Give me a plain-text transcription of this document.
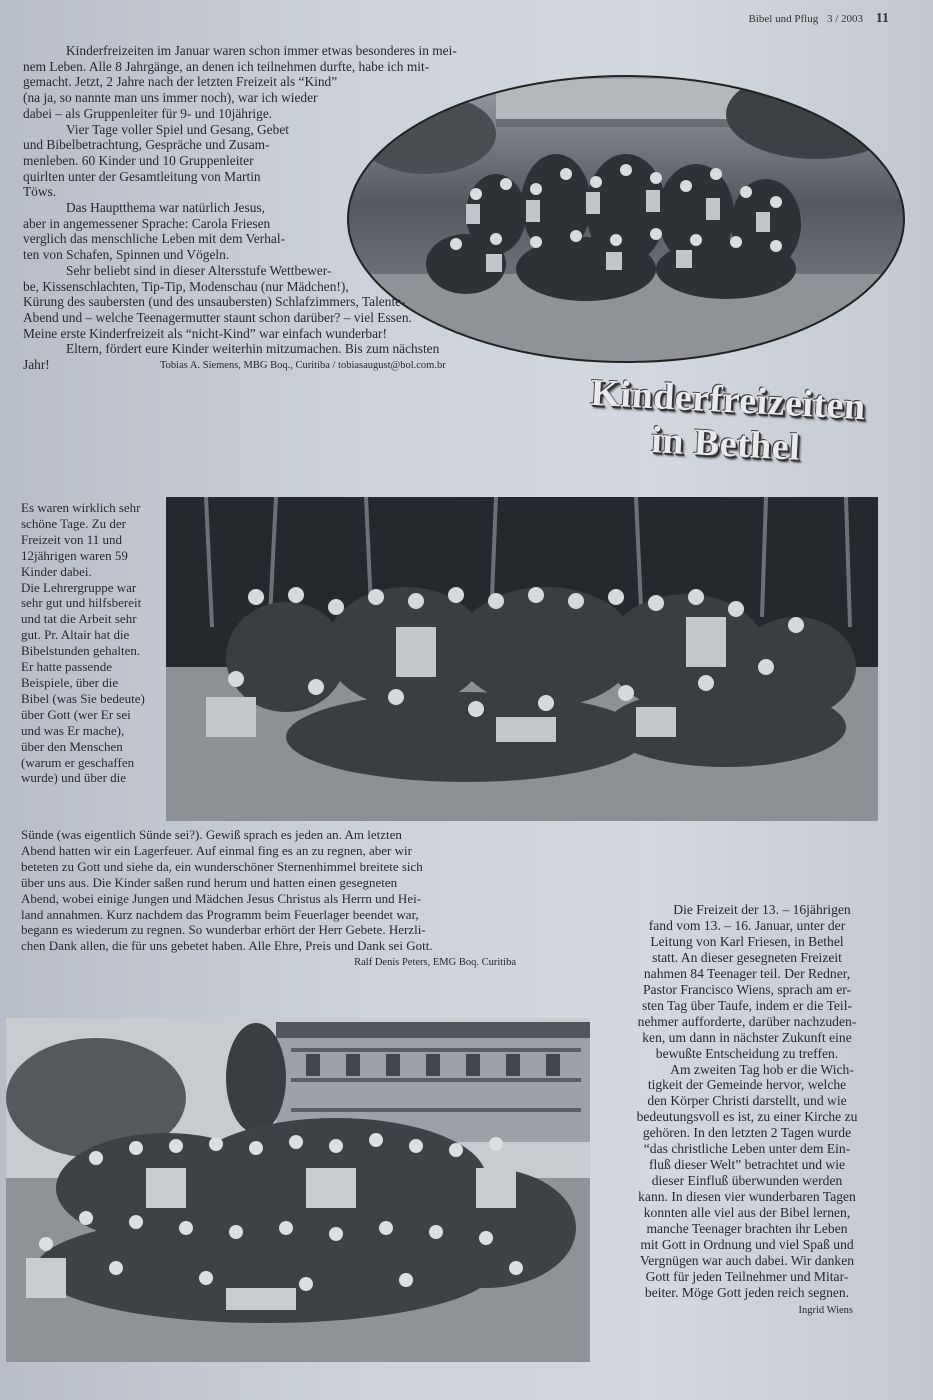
Bibel und Pflug 3 / 2003 11
Kinderfreizeiten im Januar waren schon immer etwas besonderes in mei-
nem Leben. Alle 8 Jahrgänge, an denen ich teilnehmen durfte, habe ich mit-
gemacht. Jetzt, 2 Jahre nach der letzten Freizeit als “Kind”
(na ja, so nannte man uns immer noch), war ich wieder
dabei – als Gruppenleiter für 9- und 10jährige.
Vier Tage voller Spiel und Gesang, Gebet
und Bibelbetrachtung, Gespräche und Zusam-
menleben. 60 Kinder und 10 Gruppenleiter
quirlten unter der Gesamtleitung von Martin
Töws.
Das Hauptthema war natürlich Jesus,
aber in angemessener Sprache: Carola Friesen
verglich das menschliche Leben mit dem Verhal-
ten von Schafen, Spinnen und Vögeln.
Sehr beliebt sind in dieser Altersstufe Wettbewer-
be, Kissenschlachten, Tip-Tip, Modenschau (nur Mädchen!),
Kürung des saubersten (und des unsaubersten) Schlafzimmers, Talente-
Abend und – welche Teenagermutter staunt schon darüber? – viel Essen.
Meine erste Kinderfreizeit als “nicht-Kind” war einfach wunderbar!
Eltern, fördert eure Kinder weiterhin mitzumachen. Bis zum nächsten
Jahr!	Tobias A. Siemens, MBG Boq., Curitiba / tobiasaugust@bol.com.br
Kinderfreizeiten
in Bethel
Es waren wirklich sehr
schöne Tage. Zu der
Freizeit von 11 und
12jährigen waren 59
Kinder dabei.
Die Lehrergruppe war
sehr gut und hilfsbereit
und tat die Arbeit sehr
gut. Pr. Altair hat die
Bibelstunden gehalten.
Er hatte passende
Beispiele, über die
Bibel (was Sie bedeute)
über Gott (wer Er sei
und was Er mache),
über den Menschen
(warum er geschaffen
wurde) und über die
Sünde (was eigentlich Sünde sei?). Gewiß sprach es jeden an. Am letzten
Abend hatten wir ein Lagerfeuer. Auf einmal fing es an zu regnen, aber wir
beteten zu Gott und siehe da, ein wunderschöner Sternenhimmel breitete sich
über uns aus. Die Kinder saßen rund herum und hatten einen gesegneten
Abend, wobei einige Jungen und Mädchen Jesus Christus als Herrn und Hei-
land annahmen. Kurz nachdem das Programm beim Feuerlager beendet war,
begann es wiederum zu regnen. So wunderbar erhört der Herr Gebete. Herzli-
chen Dank allen, die für uns gebetet haben. Alle Ehre, Preis und Dank sei Gott.
Ralf Denis Peters, EMG Boq. Curitiba
Die Freizeit der 13. – 16jährigen
fand vom 13. – 16. Januar, unter der
Leitung von Karl Friesen, in Bethel
statt. An dieser gesegneten Freizeit
nahmen 84 Teenager teil. Der Redner,
Pastor Francisco Wiens, sprach am er-
sten Tag über Taufe, indem er die Teil-
nehmer aufforderte, darüber nachzuden-
ken, um dann in nächster Zukunft eine
bewußte Entscheidung zu treffen.
Am zweiten Tag hob er die Wich-
tigkeit der Gemeinde hervor, welche
den Körper Christi darstellt, und wie
bedeutungsvoll es ist, zu einer Kirche zu
gehören. In den letzten 2 Tagen wurde
“das christliche Leben unter dem Ein-
fluß dieser Welt” betrachtet und wie
dieser Einfluß überwunden werden
kann. In diesen vier wunderbaren Tagen
konnten alle viel aus der Bibel lernen,
manche Teenager brachten ihr Leben
mit Gott in Ordnung und viel Spaß und
Vergnügen war auch dabei. Wir danken
Gott für jeden Teilnehmer und Mitar-
beiter. Möge Gott jeden reich segnen.
Ingrid Wiens
